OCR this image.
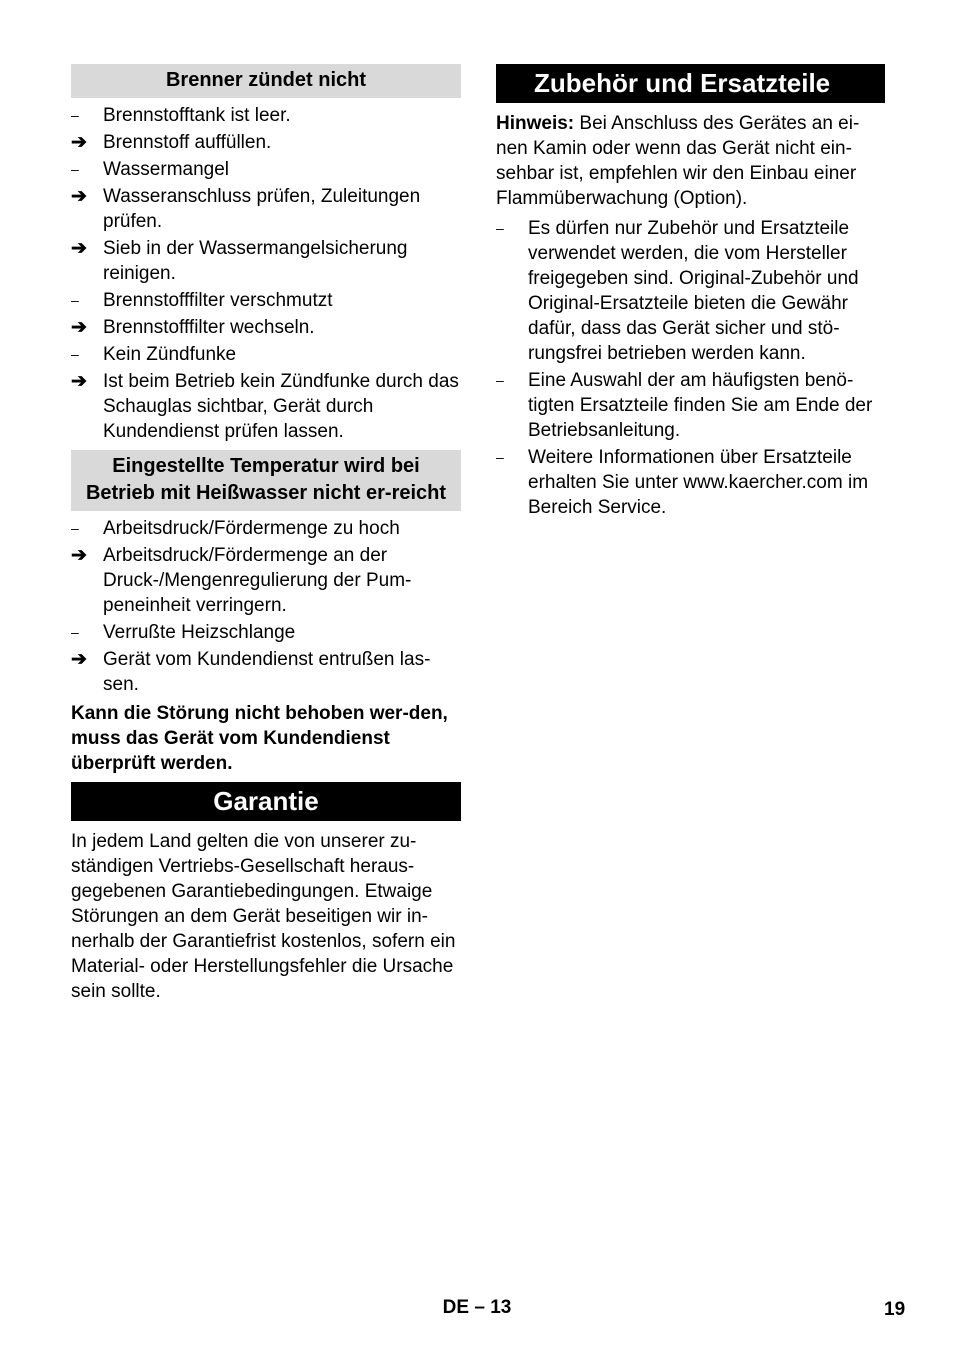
Brenner zündet nicht
–	Brennstofftank ist leer.
➔ Brennstoff auffüllen.
–	Wassermangel
➔ Wasseranschluss prüfen, Zuleitungen prüfen.
➔ Sieb in der Wassermangelsicherung reinigen.
–	Brennstofffilter verschmutzt
➔ Brennstofffilter wechseln.
–	Kein Zündfunke
➔ Ist beim Betrieb kein Zündfunke durch das Schauglas sichtbar, Gerät durch Kundendienst prüfen lassen.
Eingestellte Temperatur wird bei Betrieb mit Heißwasser nicht er-reicht
–	Arbeitsdruck/Fördermenge zu hoch
➔ Arbeitsdruck/Fördermenge an der Druck-/Mengenregulierung der Pum-peneinheit verringern.
–	Verrußte Heizschlange
➔ Gerät vom Kundendienst entrußen las-sen.
Kann die Störung nicht behoben wer-den, muss das Gerät vom Kundendienst überprüft werden.
Garantie
In jedem Land gelten die von unserer zu-ständigen Vertriebs-Gesellschaft heraus-gegebenen Garantiebedingungen. Etwaige Störungen an dem Gerät beseitigen wir in-nerhalb der Garantiefrist kostenlos, sofern ein Material- oder Herstellungsfehler die Ursache sein sollte.
Zubehör und Ersatzteile
Hinweis: Bei Anschluss des Gerätes an ei-nen Kamin oder wenn das Gerät nicht ein-sehbar ist, empfehlen wir den Einbau einer Flammüberwachung (Option).
–	Es dürfen nur Zubehör und Ersatzteile verwendet werden, die vom Hersteller freigegeben sind. Original-Zubehör und Original-Ersatzteile bieten die Gewähr dafür, dass das Gerät sicher und stö-rungsfrei betrieben werden kann.
–	Eine Auswahl der am häufigsten benö-tigten Ersatzteile finden Sie am Ende der Betriebsanleitung.
–	Weitere Informationen über Ersatzteile erhalten Sie unter www.kaercher.com im Bereich Service.
DE – 13	19
